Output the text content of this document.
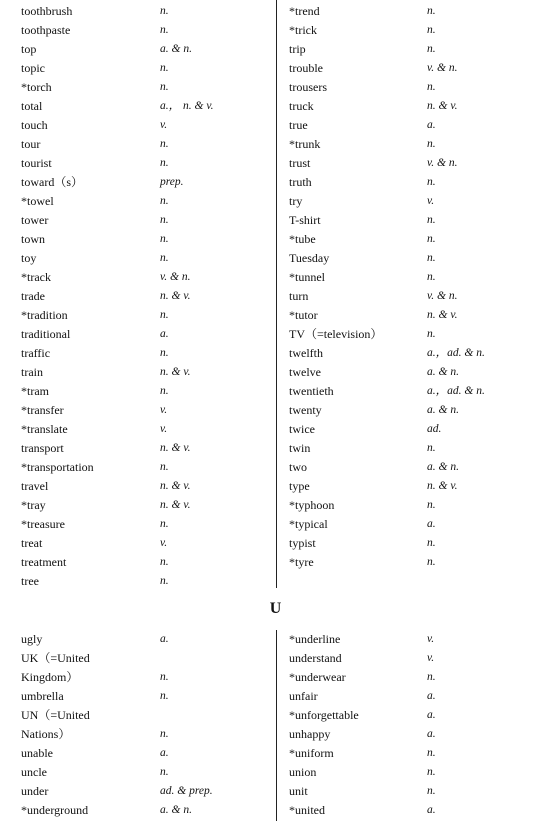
toothbrush	n.
toothpaste	n.
top	a. & n.
topic	n.
*torch	n.
total	a.， n. & v.
touch	v.
tour	n.
tourist	n.
toward（s）	prep.
*towel	n.
tower	n.
town	n.
toy	n.
*track	v. & n.
trade	n. & v.
*tradition	n.
traditional	a.
traffic	n.
train	n. & v.
*tram	n.
*transfer	v.
*translate	v.
transport	n. & v.
*transportation	n.
travel	n. & v.
*tray	n. & v.
*treasure	n.
treat	v.
treatment	n.
tree	n.
*trend	n.
*trick	n.
trip	n.
trouble	v. & n.
trousers	n.
truck	n. & v.
true	a.
*trunk	n.
trust	v. & n.
truth	n.
try	v.
T-shirt	n.
*tube	n.
Tuesday	n.
*tunnel	n.
turn	v. & n.
*tutor	n. & v.
TV（=television）	n.
twelfth	a.，ad. & n.
twelve	a. & n.
twentieth	a.，ad. & n.
twenty	a. & n.
twice	ad.
twin	n.
two	a. & n.
type	n. & v.
*typhoon	n.
*typical	a.
typist	n.
*tyre	n.
U
ugly	a.
UK（=United
Kingdom）	n.
umbrella	n.
UN（=United
Nations）	n.
unable	a.
uncle	n.
under	ad. & prep.
*underground	a. & n.
*underline	v.
understand	v.
*underwear	n.
unfair	a.
*unforgettable	a.
unhappy	a.
*uniform	n.
union	n.
unit	n.
*united	a.
